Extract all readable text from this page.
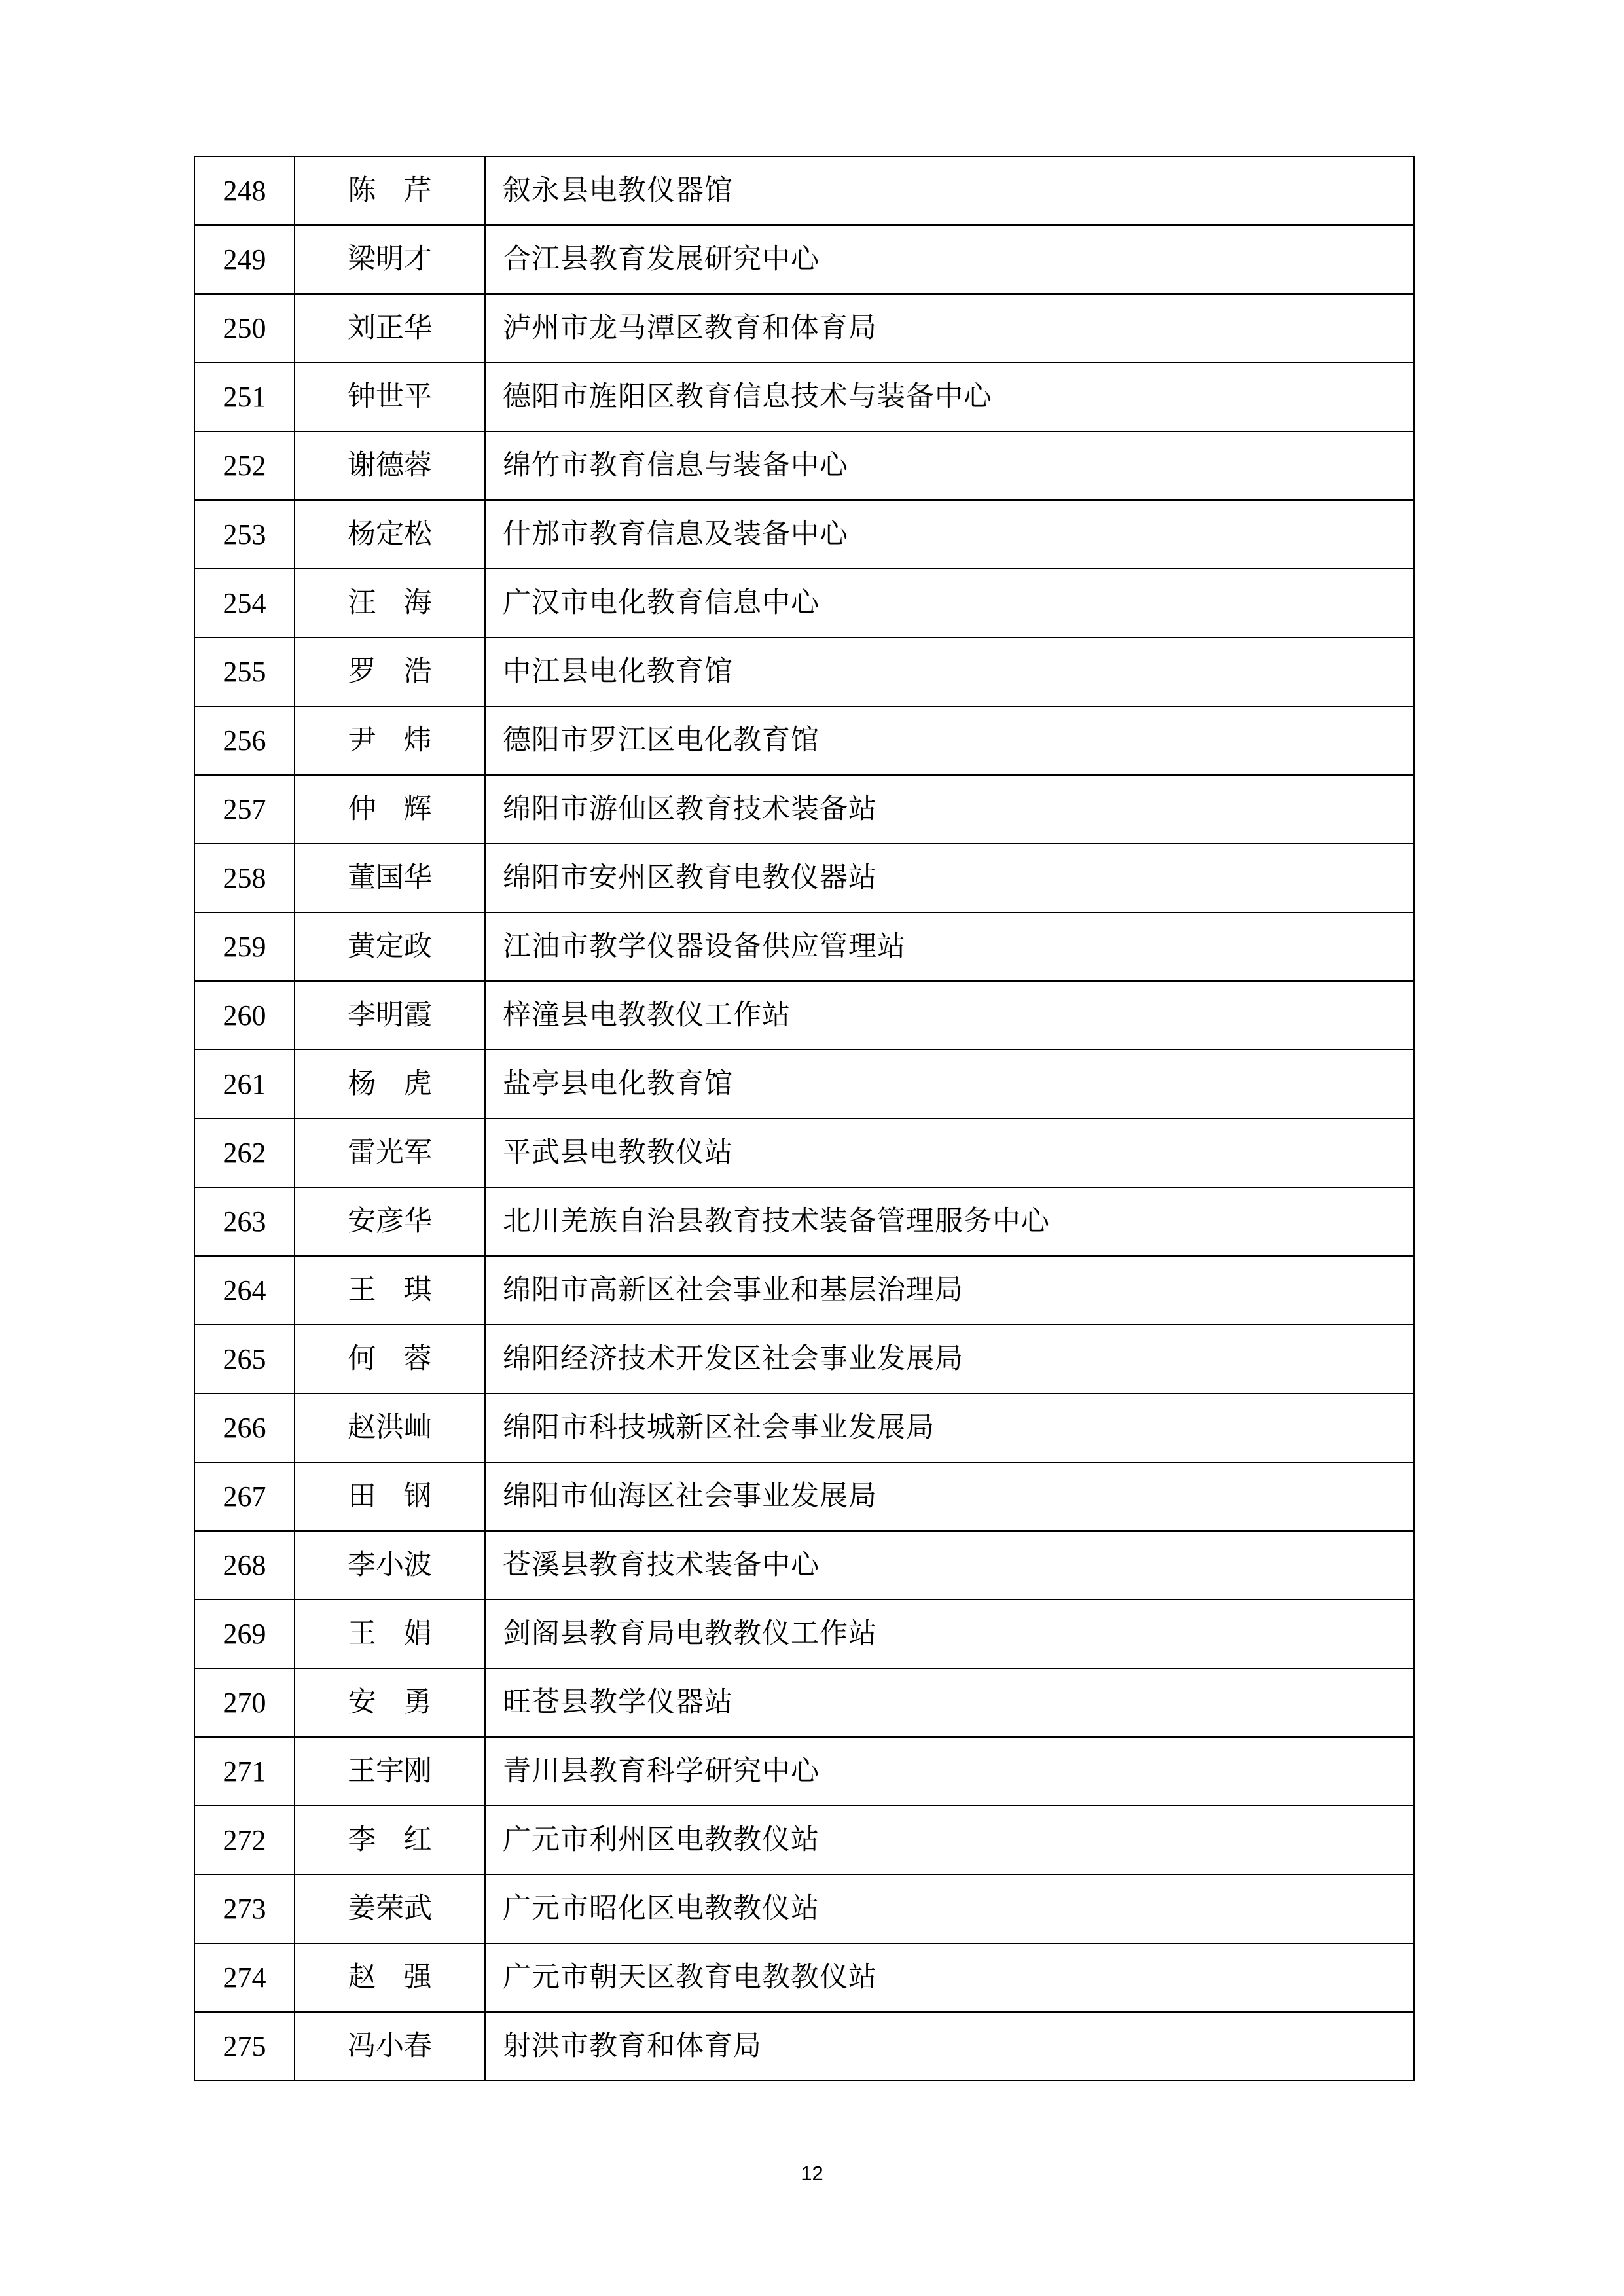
248	陈 芹	叙永县电教仪器馆
249	梁明才	合江县教育发展研究中心
250	刘正华	泸州市龙马潭区教育和体育局
251	钟世平	德阳市旌阳区教育信息技术与装备中心
252	谢德蓉	绵竹市教育信息与装备中心
253	杨定松	什邡市教育信息及装备中心
254	汪 海	广汉市电化教育信息中心
255	罗 浩	中江县电化教育馆
256	尹 炜	德阳市罗江区电化教育馆
257	仲 辉	绵阳市游仙区教育技术装备站
258	董国华	绵阳市安州区教育电教仪器站
259	黄定政	江油市教学仪器设备供应管理站
260	李明霞	梓潼县电教教仪工作站
261	杨 虎	盐亭县电化教育馆
262	雷光军	平武县电教教仪站
263	安彦华	北川羌族自治县教育技术装备管理服务中心
264	王 琪	绵阳市高新区社会事业和基层治理局
265	何 蓉	绵阳经济技术开发区社会事业发展局
266	赵洪屾	绵阳市科技城新区社会事业发展局
267	田 钢	绵阳市仙海区社会事业发展局
268	李小波	苍溪县教育技术装备中心
269	王 娟	剑阁县教育局电教教仪工作站
270	安 勇	旺苍县教学仪器站
271	王宇刚	青川县教育科学研究中心
272	李 红	广元市利州区电教教仪站
273	姜荣武	广元市昭化区电教教仪站
274	赵 强	广元市朝天区教育电教教仪站
275	冯小春	射洪市教育和体育局
12
